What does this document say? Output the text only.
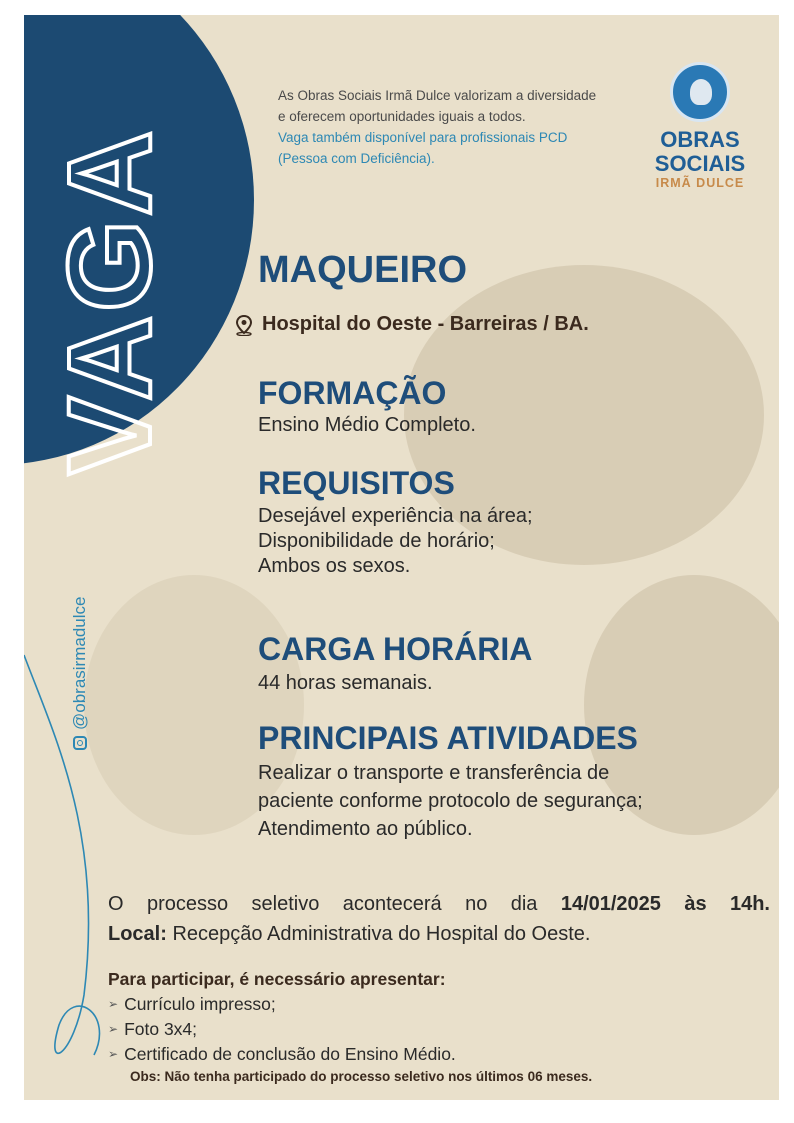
VAGA
@obrasirmadulce
As Obras Sociais Irmã Dulce valorizam a diversidade
e oferecem oportunidades iguais a todos.
Vaga também disponível para profissionais PCD
(Pessoa com Deficiência).
OBRAS
SOCIAIS
IRMÃ DULCE
MAQUEIRO
Hospital do Oeste - Barreiras / BA.
FORMAÇÃO
Ensino Médio Completo.
REQUISITOS
Desejável experiência na área;
Disponibilidade de horário;
Ambos os sexos.
CARGA HORÁRIA
44 horas semanais.
PRINCIPAIS ATIVIDADES
Realizar o transporte e transferência de
paciente conforme protocolo de segurança;
Atendimento ao público.
O processo seletivo acontecerá no dia 14/01/2025 às 14h.
Local: Recepção Administrativa do Hospital do Oeste.
Para participar, é necessário apresentar:
➢ Currículo impresso;
➢ Foto 3x4;
➢ Certificado de conclusão do Ensino Médio.
Obs: Não tenha participado do processo seletivo nos últimos 06 meses.
